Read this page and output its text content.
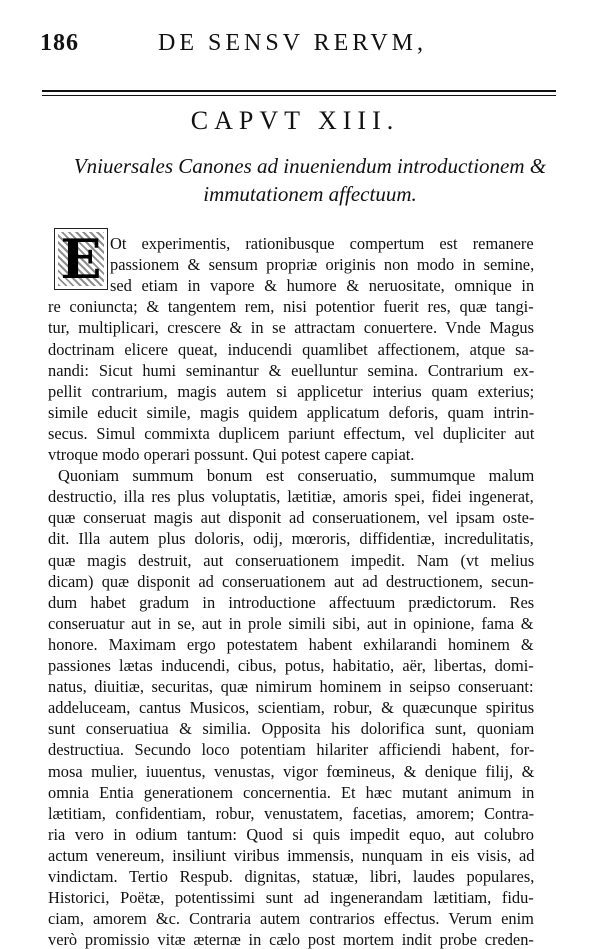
186	DE SENSV RERVM,
CAPVT XIII.
Vniuersales Canones ad inueniendum introductionem &
immutationem affectuum.
E Ot experimentis, rationibusque compertum est remanere
passionem & sensum propriæ originis non modo in semine,
sed etiam in vapore & humore & neruositate, omnique in
re coniuncta; & tangentem rem, nisi potentior fuerit res, quæ tangi-
tur, multiplicari, crescere & in se attractam conuertere. Vnde Magus
doctrinam elicere queat, inducendi quamlibet affectionem, atque sa-
nandi: Sicut humi seminantur & euelluntur semina. Contrarium ex-
pellit contrarium, magis autem si applicetur interius quam exterius;
simile educit simile, magis quidem applicatum deforis, quam intrin-
secus. Simul commixta duplicem pariunt effectum, vel dupliciter aut
vtroque modo operari possunt. Qui potest capere capiat.
Quoniam summum bonum est conseruatio, summumque malum
destructio, illa res plus voluptatis, lætitiæ, amoris spei, fidei ingenerat,
quæ conseruat magis aut disponit ad conseruationem, vel ipsam oste-
dit. Illa autem plus doloris, odij, mœroris, diffidentiæ, incredulitatis,
quæ magis destruit, aut conseruationem impedit. Nam (vt melius
dicam) quæ disponit ad conseruationem aut ad destructionem, secun-
dum habet gradum in introductione affectuum prædictorum. Res
conseruatur aut in se, aut in prole simili sibi, aut in opinione, fama &
honore. Maximam ergo potestatem habent exhilarandi hominem &
passiones lætas inducendi, cibus, potus, habitatio, aër, libertas, domi-
natus, diuitiæ, securitas, quæ nimirum hominem in seipso conseruant:
addeluceam, cantus Musicos, scientiam, robur, & quæcunque spiritus
sunt conseruatiua & similia. Opposita his dolorifica sunt, quoniam
destructiua. Secundo loco potentiam hilariter afficiendi habent, for-
mosa mulier, iuuentus, venustas, vigor fœmineus, & denique filij, &
omnia Entia generationem concernentia. Et hæc mutant animum in
lætitiam, confidentiam, robur, venustatem, facetias, amorem; Contra-
ria vero in odium tantum: Quod si quis impedit equo, aut colubro
actum venereum, insiliunt viribus immensis, nunquam in eis visis, ad
vindictam. Tertio Respub. dignitas, statuæ, libri, laudes populares,
Historici, Poëtæ, potentissimi sunt ad ingenerandam lætitiam, fidu-
ciam, amorem &c. Contraria autem contrarios effectus. Verum enim
verò promissio vitæ æternæ in cælo post mortem indit probe creden-
